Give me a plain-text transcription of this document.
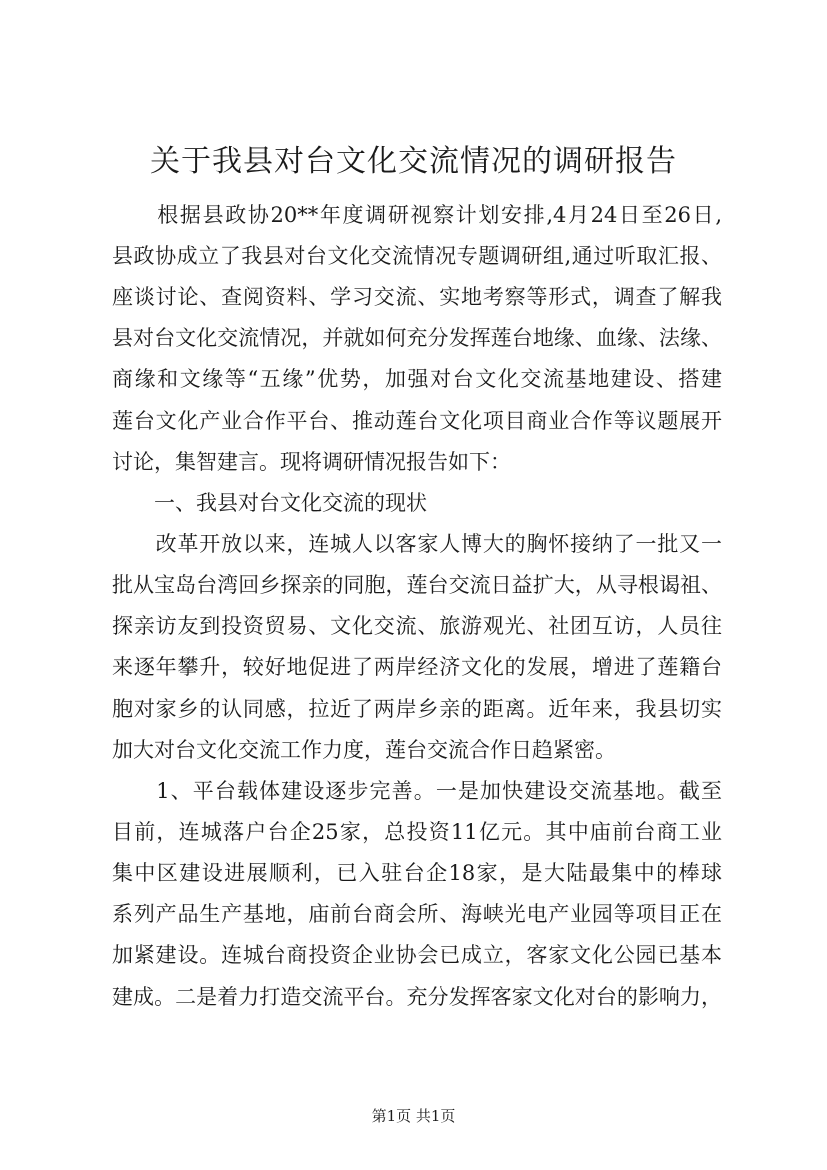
关于我县对台文化交流情况的调研报告
　　根据县政协20**年度调研视察计划安排,4月24日至26日,
县政协成立了我县对台文化交流情况专题调研组,通过听取汇报、
座谈讨论、查阅资料、学习交流、实地考察等形式，调查了解我
县对台文化交流情况，并就如何充分发挥莲台地缘、血缘、法缘、
商缘和文缘等“五缘”优势，加强对台文化交流基地建设、搭建
莲台文化产业合作平台、推动莲台文化项目商业合作等议题展开
讨论，集智建言。现将调研情况报告如下：
　　一、我县对台文化交流的现状
　　改革开放以来，连城人以客家人博大的胸怀接纳了一批又一
批从宝岛台湾回乡探亲的同胞，莲台交流日益扩大，从寻根谒祖、
探亲访友到投资贸易、文化交流、旅游观光、社团互访，人员往
来逐年攀升，较好地促进了两岸经济文化的发展，增进了莲籍台
胞对家乡的认同感，拉近了两岸乡亲的距离。近年来，我县切实
加大对台文化交流工作力度，莲台交流合作日趋紧密。
　　1、平台载体建设逐步完善。一是加快建设交流基地。截至
目前，连城落户台企25家，总投资11亿元。其中庙前台商工业
集中区建设进展顺利，已入驻台企18家，是大陆最集中的棒球
系列产品生产基地，庙前台商会所、海峡光电产业园等项目正在
加紧建设。连城台商投资企业协会已成立，客家文化公园已基本
建成。二是着力打造交流平台。充分发挥客家文化对台的影响力，
第1页 共1页
